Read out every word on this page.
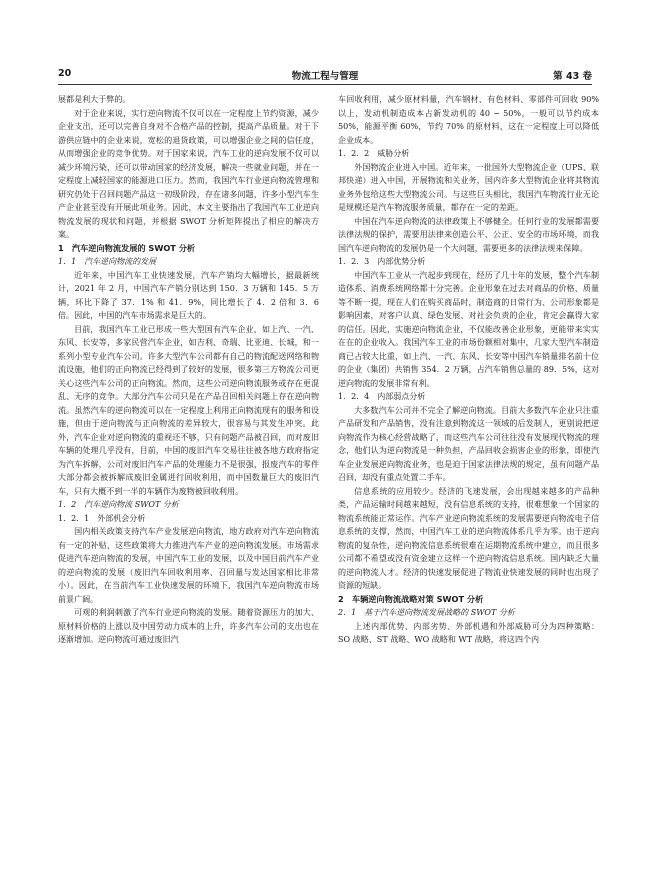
20	物流工程与管理	第 43 卷

展都是利大于弊的。

对于企业来说，实行逆向物流不仅可以在一定程度上节约资源，减少企业支出，还可以完善自身对不合格产品的控制，提高产品质量。对于下游供应链中的企业来说，宽松的退货政策，可以增强企业之间的信任度，从而增强企业的竞争优势。对于国家来说，汽车工业的逆向发展不仅可以减少环境污染，还可以带动国家的经济发展，解决一些就业问题，并在一定程度上减轻国家的能源进口压力。然而，我国汽车行业逆向物流管理和研究仍处于召回问题产品这一初级阶段，存在诸多问题，许多小型汽车生产企业甚至没有开展此项业务。因此，本文主要指出了我国汽车工业逆向物流发展的现状和问题，并根据 SWOT 分析矩阵提出了相应的解决方案。

1　汽车逆向物流发展的 SWOT 分析
1．1　汽车逆向物流的发展

近年来，中国汽车工业快速发展，汽车产销均大幅增长，据最新统计，2021 年 2 月，中国汽车产销分别达到 150．3 万辆和 145．5 万辆，环比下降了 37．1% 和 41．9%，同比增长了 4．2 倍和 3．6 倍。因此，中国的汽车市场需求是巨大的。

目前，我国汽车工业已形成一些大型国有汽车企业，如上汽、一汽、东风、长安等，多家民营汽车企业，如吉利、奇瑞、比亚迪、长城，和一系列小型专业汽车公司。许多大型汽车公司都有自己的物流配送网络和物流设施，他们的正向物流已经得到了较好的发展，很多第三方物流公司更关心这些汽车公司的正向物流。然而，这些公司逆向物流服务或存在更混乱、无序的竞争。大部分汽车公司只是在产品召回相关问题上存在逆向物流。虽然汽车的逆向物流可以在一定程度上利用正向物流现有的服务和设施，但由于逆向物流与正向物流的差异较大，很容易与其发生冲突。此外，汽车企业对逆向物流的重视还不够，只有问题产品被召回，而对废旧车辆的处理几乎没有，目前，中国的废旧汽车交易往往被各地方政府指定为汽车拆解，公司对废旧汽车产品的处理能力不是很强，报废汽车的零件大部分都会被拆解成废旧金属进行回收利用，而中国数量巨大的废旧汽车，只有大概不到一半的车辆作为废物被回收利用。

1．2　汽车逆向物流 SWOT 分析
1．2．1　外部机会分析

国内相关政策支持汽车产业发展逆向物流，地方政府对汽车逆向物流有一定的补贴，这些政策将大力推进汽车产业的逆向物流发展。市场需求促进汽车逆向物流的发展，中国汽车工业的发展，以及中国目前汽车产业的逆向物流的发展（废旧汽车回收利用率、召回量与发达国家相比非常小）。因此，在当前汽车工业快速发展的环境下，我国汽车逆向物流市场前景广阔。

可观的利润刺激了汽车行业逆向物流的发展。随着资源压力的加大、原材料价格的上涨以及中国劳动力成本的上升，许多汽车公司的支出也在逐渐增加。逆向物流可通过废旧汽

车回收利用，减少原材料量，汽车钢材、有色材料、零部件可回收 90% 以上，发动机制造成本占新发动机的 40 ~ 50%，一般可以节约成本 50%，能源平衡 60%，节约 70% 的原材料，这在一定程度上可以降低企业成本。

1．2．2　威胁分析

外国物流企业进入中国。近年来，一批国外大型物流企业（UPS、联邦快递）进入中国，开展物流和关业务，国内许多大型物流企业将其物流业务外包给这些大型物流公司。与这些巨头相比，我国汽车物流行业无论是规模还是汽车物流服务质量，都存在一定的差距。

中国在汽车逆向物流的法律政策上不够健全。任何行业的发展都需要法律法规的保护，需要用法律来创造公平、公正、安全的市场环境，而我国汽车逆向物流的发展仍是一个大问题，需要更多的法律法规来保障。

1．2．3　内部优势分析

中国汽车工业从一汽起步到现在，经历了几十年的发展，整个汽车制造体系、消费系统网络都十分完善。企业形象在过去对商品的价格、质量等不断一提，现在人们在购买商品时，制造商的日常行为、公司形象都是影响因素，对客户认真、绿色发展、对社会负责的企业，肯定会赢得大家的信任。因此，实施逆向物流企业，不仅能改善企业形象，更能带来实实在在的企业收入。我国汽车工业的市场份额相对集中，几家大型汽车制造商已占较大比重，如上汽、一汽、东风、长安等中国汽车销量排名前十位的企业（集团）共销售 354．2 万辆，占汽车销售总量的 89．5%，这对逆向物流的发展非常有利。

1．2．4　内部弱点分析

大多数汽车公司并不完全了解逆向物流。目前大多数汽车企业只注重产品研发和产品销售，没有注意到物流这一领域的后发制人，更别说把逆向物流作为核心经营战略了，而这些汽车公司往往没有发展现代物流的理念，他们认为逆向物流是一种负担，产品回收会损害企业的形象，即使汽车企业发展逆向物流业务，也是迫于国家法律法规的规定，虽有问题产品召回，却没有重点处置二手车。

信息系统的应用较少。经济的飞速发展，会出现越来越多的产品种类，产品运输时间越来越短，没有信息系统的支持，很难想象一个国家的物流系统能正常运作。汽车产业逆向物流系统的发展需要逆向物流电子信息系统的支撑，然而，中国汽车工业的逆向物流体系几乎为零。由于逆向物流的复杂性，逆向物流信息系统很难在运期物流系统中建立，而且很多公司都不希望或没有资金建立这样一个逆向物流信息系统。国内缺乏大量的逆向物流人才。经济的快速发展促进了物流业快速发展的同时也出现了资源的短缺。

2　车辆逆向物流战略对策 SWOT 分析
2．1　基于汽车逆向物流发展战略的 SWOT 分析

上述内部优势、内部劣势、外部机遇和外部威胁可分为四种策略：SO 战略、ST 战略、WO 战略和 WT 战略，将这四个内
